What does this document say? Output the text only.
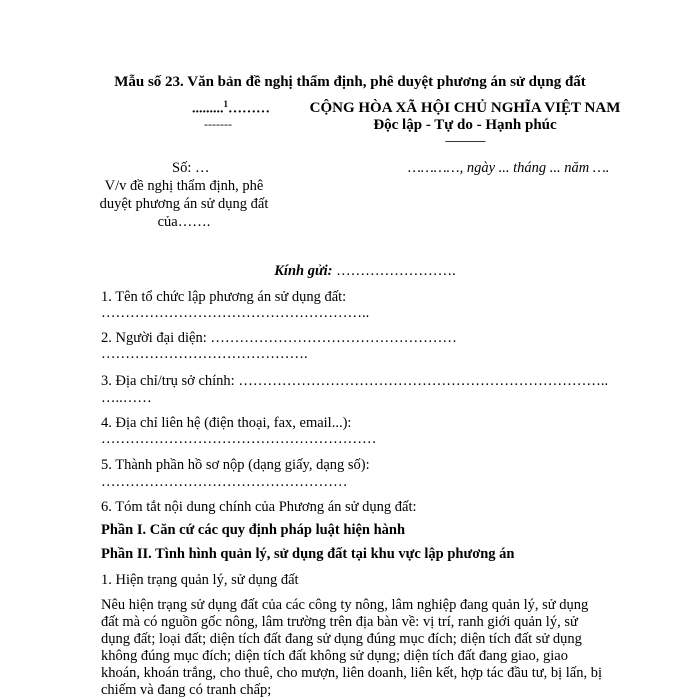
Mẫu số 23. Văn bản đề nghị thẩm định, phê duyệt phương án sử dụng đất
.........$^1$………
-------
Số: …
V/v đề nghị thẩm định, phê
duyệt phương án sử dụng đất
của…….
CỘNG HÒA XÃ HỘI CHỦ NGHĨA VIỆT NAM
Độc lập - Tự do - Hạnh phúc
---------------
…………, ngày ... tháng ... năm ….
Kính gửi: …………………….
1. Tên tổ chức lập phương án sử dụng đất:
………………………………………………..
2. Người đại diện: ……………………………………………
…………………………………….
3. Địa chỉ/trụ sở chính: …………………………………………………………………..
…..……
4. Địa chỉ liên hệ (điện thoại, fax, email...):
…………………………………………………
5. Thành phần hồ sơ nộp (dạng giấy, dạng số):
……………………………………………
6. Tóm tắt nội dung chính của Phương án sử dụng đất:
Phần I. Căn cứ các quy định pháp luật hiện hành
Phần II. Tình hình quản lý, sử dụng đất tại khu vực lập phương án
1. Hiện trạng quản lý, sử dụng đất
Nêu hiện trạng sử dụng đất của các công ty nông, lâm nghiệp đang quản lý, sử dụng
đất mà có nguồn gốc nông, lâm trường trên địa bàn về: vị trí, ranh giới quản lý, sử
dụng đất; loại đất; diện tích đất đang sử dụng đúng mục đích; diện tích đất sử dụng
không đúng mục đích; diện tích đất không sử dụng; diện tích đất đang giao, giao
khoán, khoán trắng, cho thuê, cho mượn, liên doanh, liên kết, hợp tác đầu tư, bị lấn, bị
chiếm và đang có tranh chấp;
